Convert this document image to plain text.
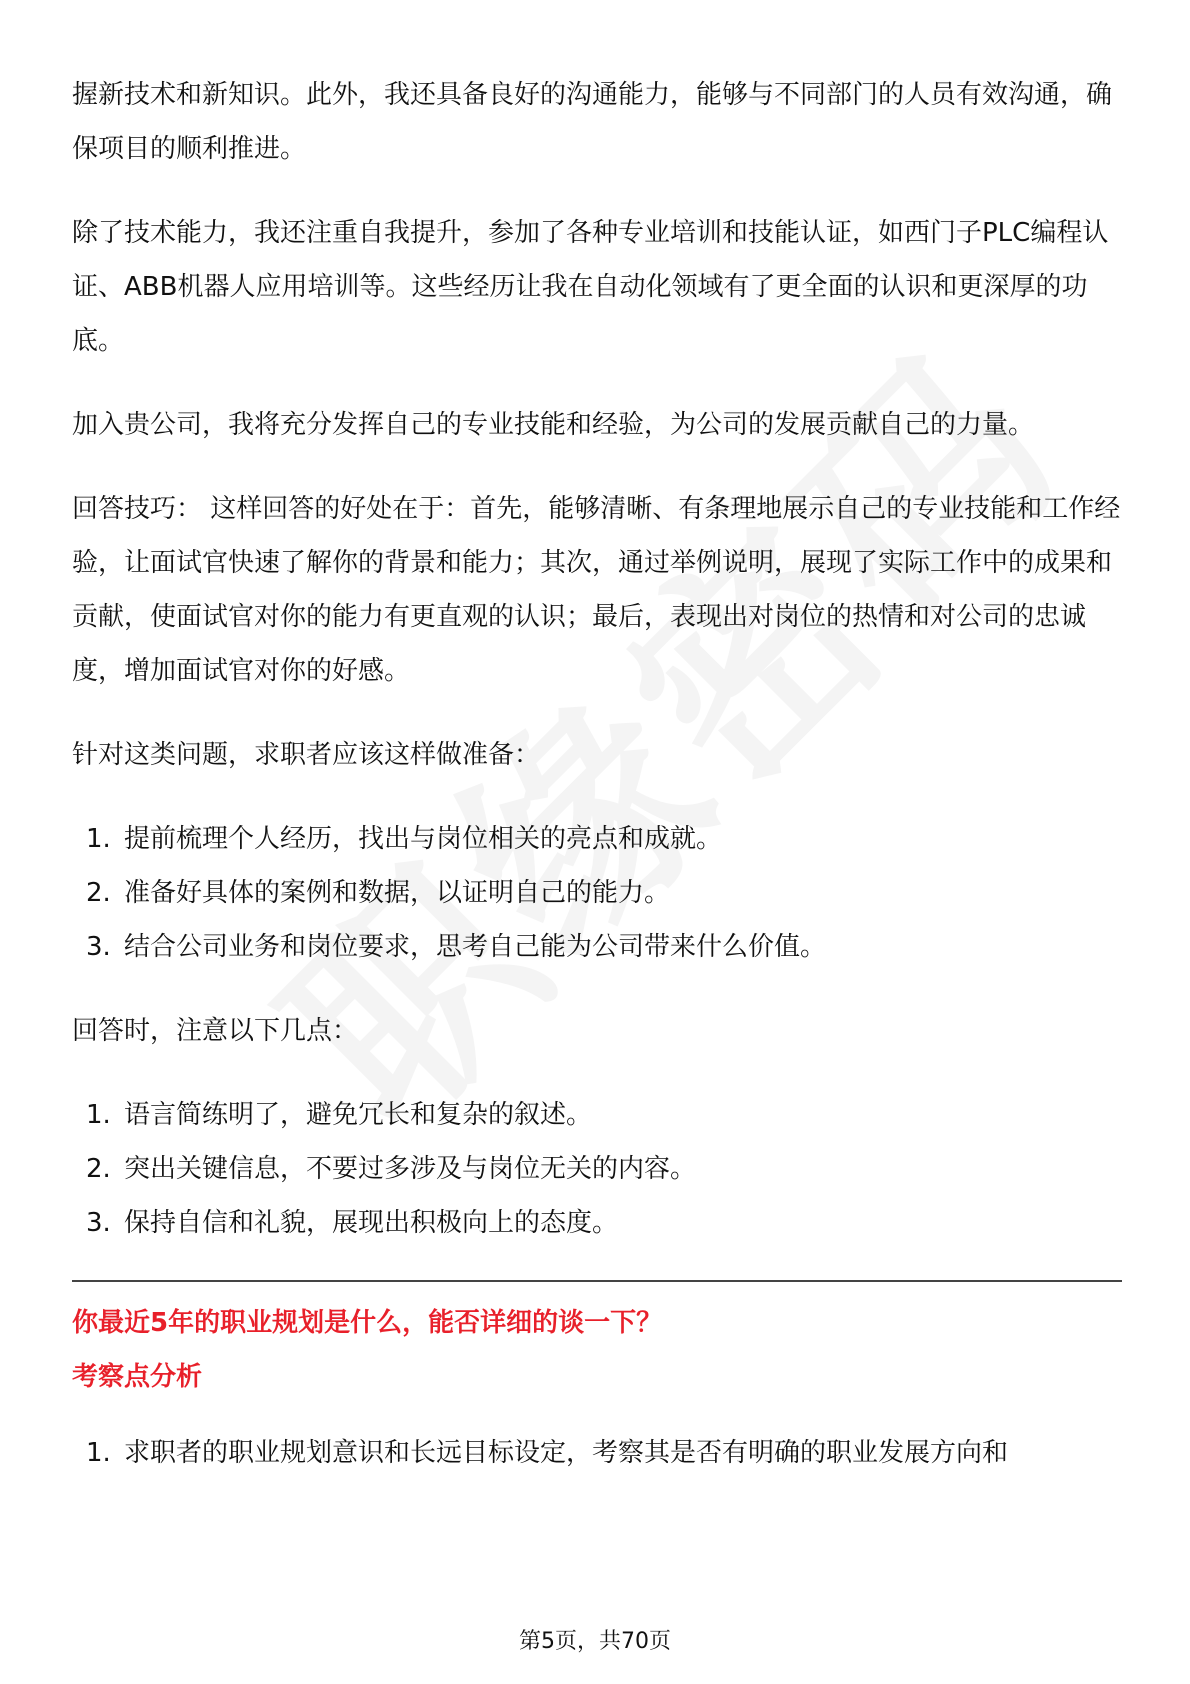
握新技术和新知识。此外，我还具备良好的沟通能力，能够与不同部门的人员有效沟通，确保项目的顺利推进。

除了技术能力，我还注重自我提升，参加了各种专业培训和技能认证，如西门子PLC编程认证、ABB机器人应用培训等。这些经历让我在自动化领域有了更全面的认识和更深厚的功底。

加入贵公司，我将充分发挥自己的专业技能和经验，为公司的发展贡献自己的力量。

回答技巧： 这样回答的好处在于：首先，能够清晰、有条理地展示自己的专业技能和工作经验，让面试官快速了解你的背景和能力；其次，通过举例说明，展现了实际工作中的成果和贡献，使面试官对你的能力有更直观的认识；最后，表现出对岗位的热情和对公司的忠诚度，增加面试官对你的好感。

针对这类问题，求职者应该这样做准备：

1. 提前梳理个人经历，找出与岗位相关的亮点和成就。
2. 准备好具体的案例和数据，以证明自己的能力。
3. 结合公司业务和岗位要求，思考自己能为公司带来什么价值。

回答时，注意以下几点：

1. 语言简练明了，避免冗长和复杂的叙述。
2. 突出关键信息，不要过多涉及与岗位无关的内容。
3. 保持自信和礼貌，展现出积极向上的态度。

你最近5年的职业规划是什么，能否详细的谈一下？

考察点分析

1. 求职者的职业规划意识和长远目标设定，考察其是否有明确的职业发展方向和
第5页，共70页
